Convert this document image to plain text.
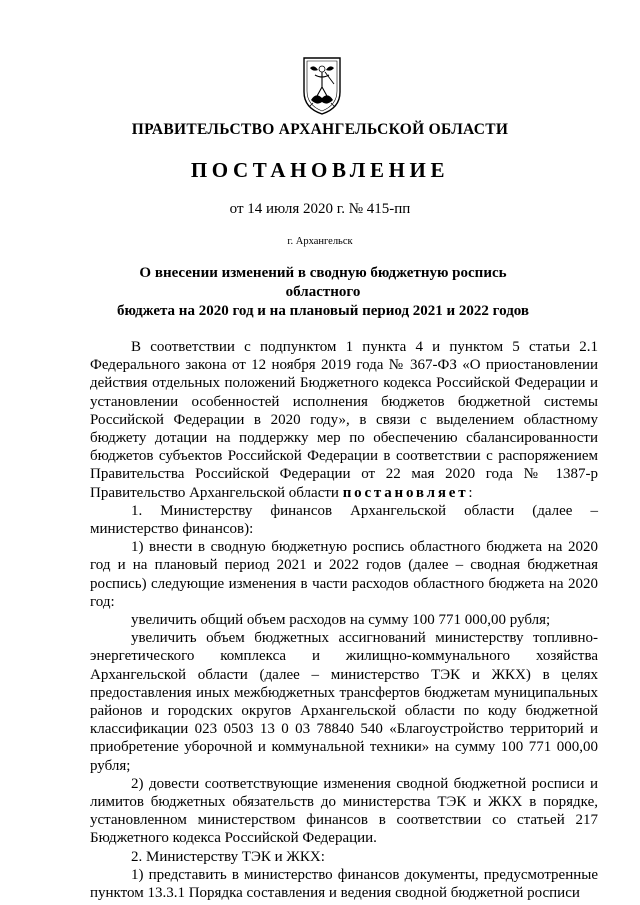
ПРАВИТЕЛЬСТВО АРХАНГЕЛЬСКОЙ ОБЛАСТИ
ПОСТАНОВЛЕНИЕ
от 14 июля 2020 г. № 415-пп
г. Архангельск
О внесении изменений в сводную бюджетную роспись областного
бюджета на 2020 год и на плановый период 2021 и 2022 годов

В соответствии с подпунктом 1 пункта 4 и пунктом 5 статьи 2.1 Федерального закона от 12 ноября 2019 года № 367-ФЗ «О приостановлении действия отдельных положений Бюджетного кодекса Российской Федерации и установлении особенностей исполнения бюджетов бюджетной системы Российской Федерации в 2020 году», в связи с выделением областному бюджету дотации на поддержку мер по обеспечению сбалансированности бюджетов субъектов Российской Федерации в соответствии с распоряжением Правительства Российской Федерации от 22 мая 2020 года № 1387-р Правительство Архангельской области постановляет:

1. Министерству финансов Архангельской области (далее – министерство финансов):

1) внести в сводную бюджетную роспись областного бюджета на 2020 год и на плановый период 2021 и 2022 годов (далее – сводная бюджетная роспись) следующие изменения в части расходов областного бюджета на 2020 год:

увеличить общий объем расходов на сумму 100 771 000,00 рубля;

увеличить объем бюджетных ассигнований министерству топливно-энергетического комплекса и жилищно-коммунального хозяйства Архангельской области (далее – министерство ТЭК и ЖКХ) в целях предоставления иных межбюджетных трансфертов бюджетам муниципальных районов и городских округов Архангельской области по коду бюджетной классификации 023 0503 13 0 03 78840 540 «Благоустройство территорий и приобретение уборочной и коммунальной техники» на сумму 100 771 000,00 рубля;

2) довести соответствующие изменения сводной бюджетной росписи и лимитов бюджетных обязательств до министерства ТЭК и ЖКХ в порядке, установленном министерством финансов в соответствии со статьей 217 Бюджетного кодекса Российской Федерации.

2. Министерству ТЭК и ЖКХ:

1) представить в министерство финансов документы, предусмотренные пунктом 13.3.1 Порядка составления и ведения сводной бюджетной росписи
